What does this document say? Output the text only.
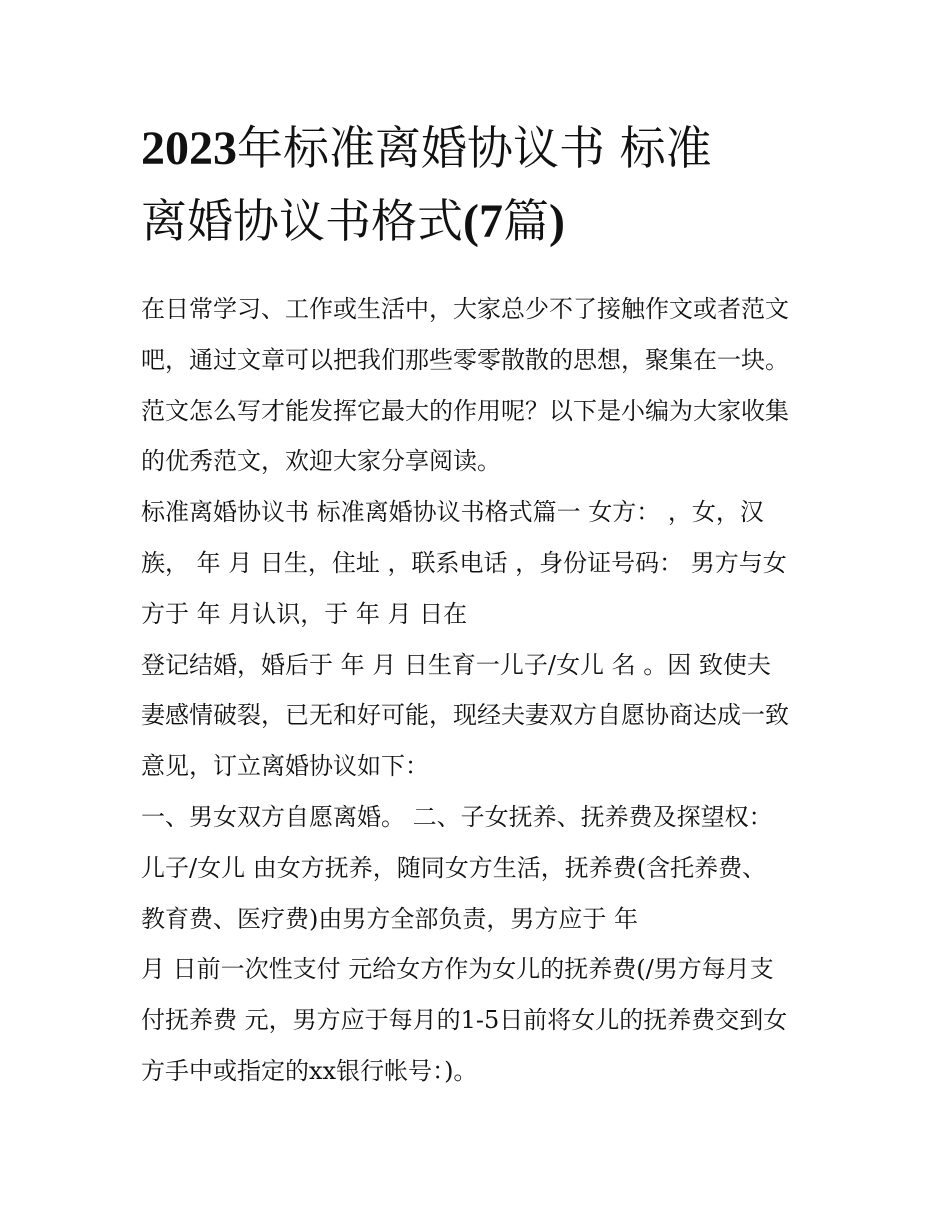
2023年标准离婚协议书 标准
离婚协议书格式(7篇)
在日常学习、工作或生活中，大家总少不了接触作文或者范文
吧，通过文章可以把我们那些零零散散的思想，聚集在一块。
范文怎么写才能发挥它最大的作用呢？以下是小编为大家收集
的优秀范文，欢迎大家分享阅读。
标准离婚协议书 标准离婚协议书格式篇一 女方： ，女，汉
族， 年 月 日生，住址 ，联系电话 ，身份证号码： 男方与女
方于 年 月认识，于 年 月 日在
登记结婚，婚后于 年 月 日生育一儿子/女儿 名 。因 致使夫
妻感情破裂，已无和好可能，现经夫妻双方自愿协商达成一致
意见，订立离婚协议如下：
一、男女双方自愿离婚。 二、子女抚养、抚养费及探望权：
儿子/女儿 由女方抚养，随同女方生活，抚养费(含托养费、
教育费、医疗费)由男方全部负责，男方应于 年
月 日前一次性支付 元给女方作为女儿的抚养费(/男方每月支
付抚养费 元，男方应于每月的1-5日前将女儿的抚养费交到女
方手中或指定的xx银行帐号：)。
